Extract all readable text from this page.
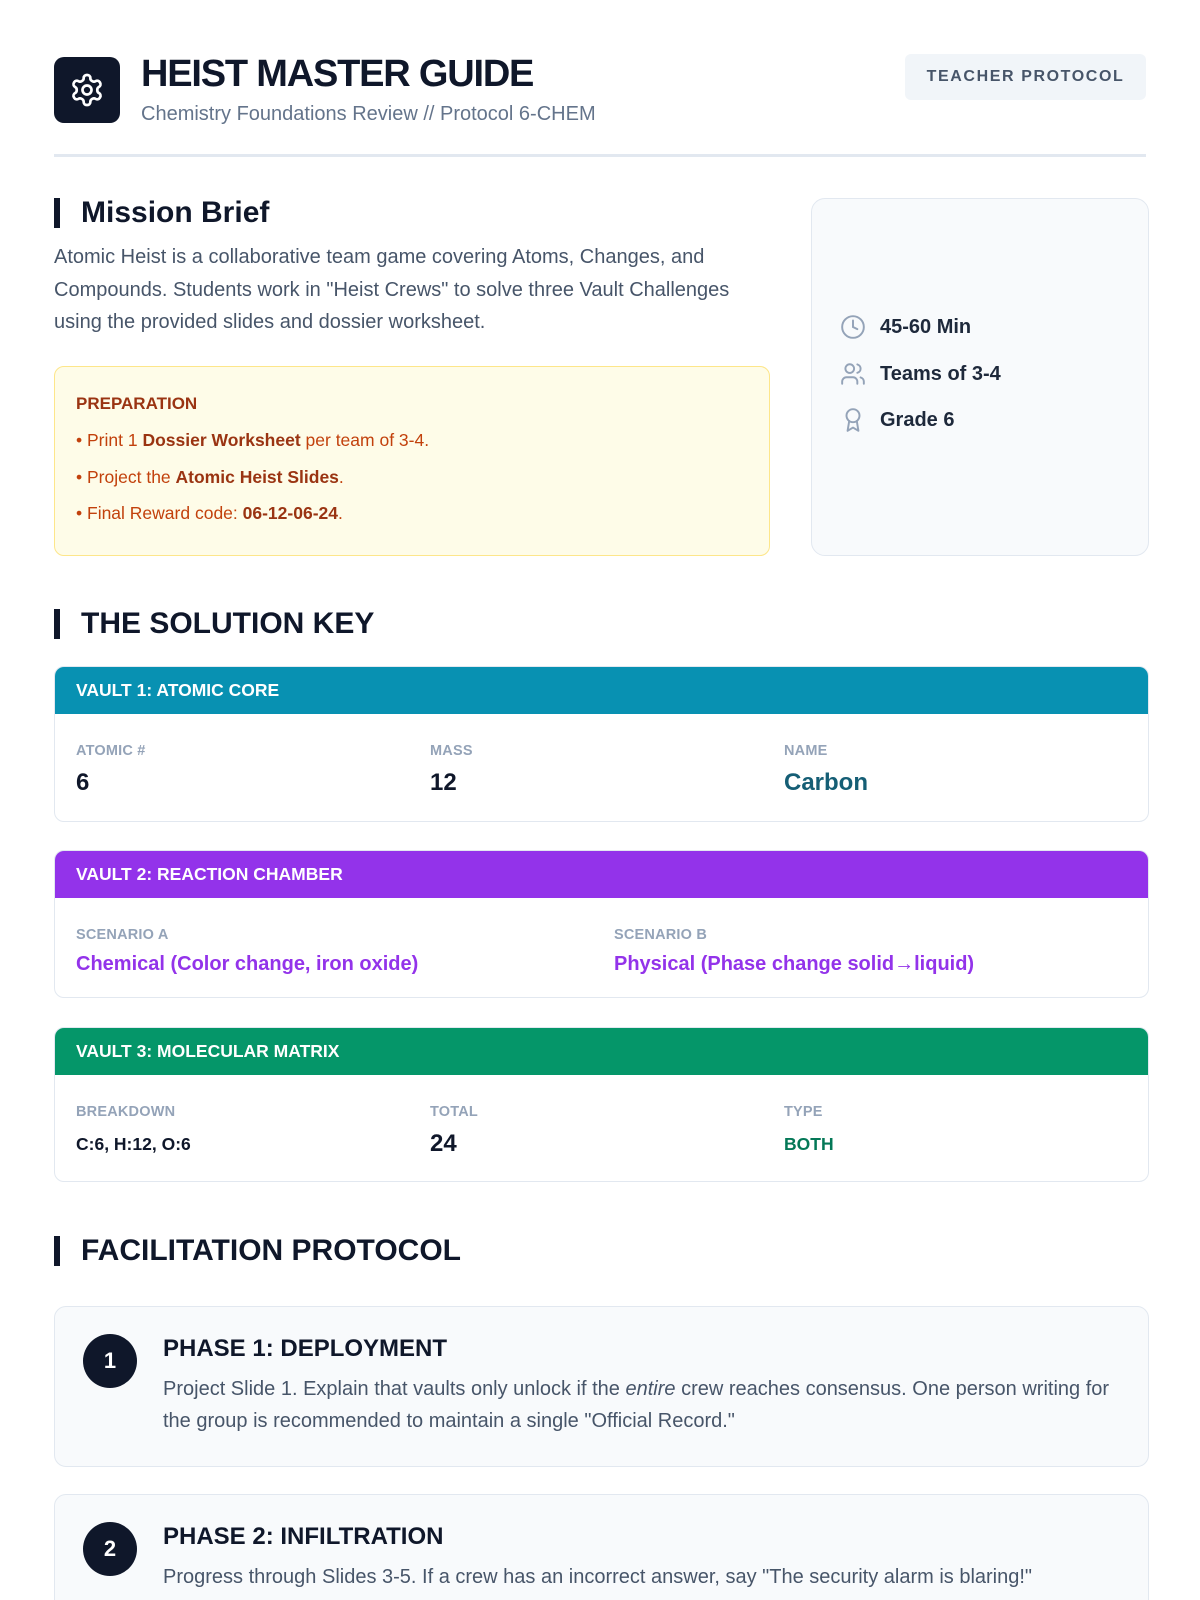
HEIST MASTER GUIDE
Chemistry Foundations Review // Protocol 6-CHEM
TEACHER PROTOCOL
Mission Brief
Atomic Heist is a collaborative team game covering Atoms, Changes, and Compounds. Students work in "Heist Crews" to solve three Vault Challenges using the provided slides and dossier worksheet.
PREPARATION
• Print 1 Dossier Worksheet per team of 3-4.
• Project the Atomic Heist Slides.
• Final Reward code: 06-12-06-24.
45-60 Min
Teams of 3-4
Grade 6
THE SOLUTION KEY
VAULT 1: ATOMIC CORE
ATOMIC #
6
MASS
12
NAME
Carbon
VAULT 2: REACTION CHAMBER
SCENARIO A
Chemical (Color change, iron oxide)
SCENARIO B
Physical (Phase change solid→liquid)
VAULT 3: MOLECULAR MATRIX
BREAKDOWN
C:6, H:12, O:6
TOTAL
24
TYPE
BOTH
FACILITATION PROTOCOL
1	PHASE 1: DEPLOYMENT
Project Slide 1. Explain that vaults only unlock if the entire crew reaches consensus. One person writing for the group is recommended to maintain a single "Official Record."
2	PHASE 2: INFILTRATION
Progress through Slides 3-5. If a crew has an incorrect answer, say "The security alarm is blaring!"
